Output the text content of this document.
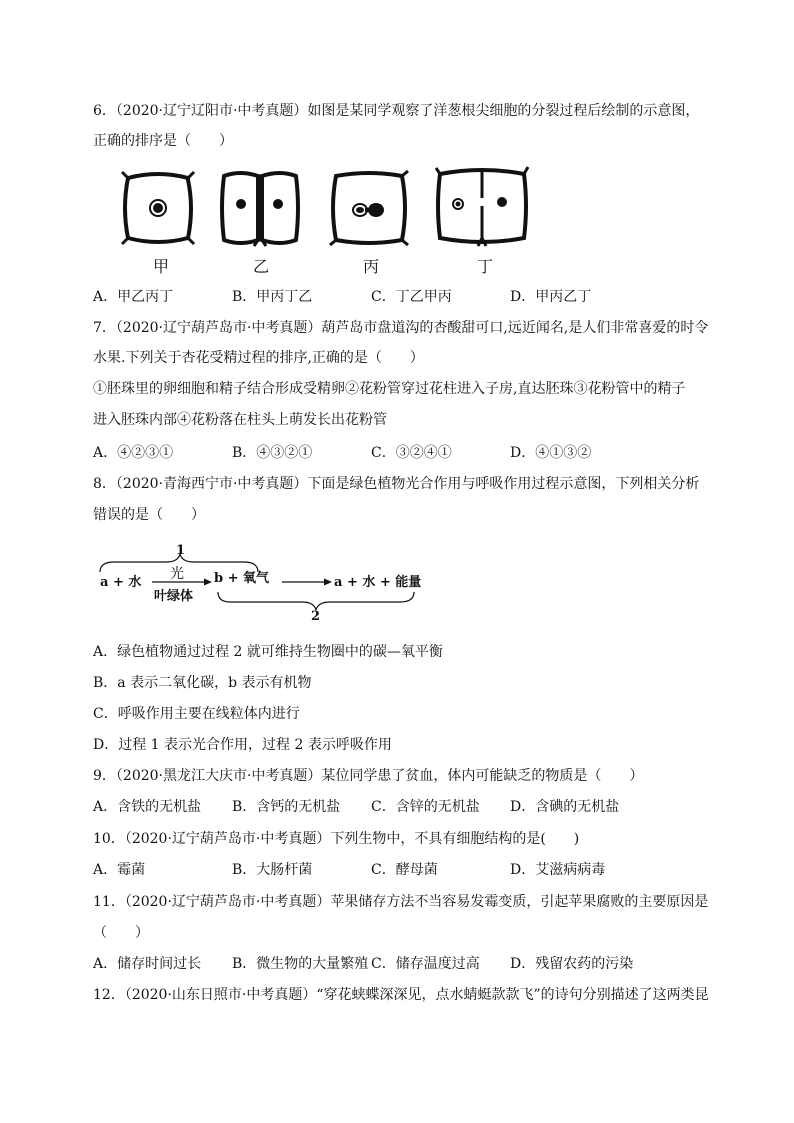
6．（2020·辽宁辽阳市·中考真题）如图是某同学观察了洋葱根尖细胞的分裂过程后绘制的示意图，
正确的排序是（　　）
甲	乙	丙	丁
A．甲乙丙丁	B．甲丙丁乙	C．丁乙甲丙	D．甲丙乙丁
7．（2020·辽宁葫芦岛市·中考真题）葫芦岛市盘道沟的杏酸甜可口,远近闻名,是人们非常喜爱的时令
水果.下列关于杏花受精过程的排序,正确的是（　　）
①胚珠里的卵细胞和精子结合形成受精卵②花粉管穿过花柱进入子房,直达胚珠③花粉管中的精子
进入胚珠内部④花粉落在柱头上萌发长出花粉管
A．④②③①	B．④③②①	C．③②④①	D．④①③②
8．（2020·青海西宁市·中考真题）下面是绿色植物光合作用与呼吸作用过程示意图，下列相关分析
错误的是（　　）
1
光
a + 水
叶绿体
b + 氧气	a + 水 + 能量
2
A．绿色植物通过过程 2 就可维持生物圈中的碳—氧平衡
B．a 表示二氧化碳，b 表示有机物
C．呼吸作用主要在线粒体内进行
D．过程 1 表示光合作用，过程 2 表示呼吸作用
9．（2020·黑龙江大庆市·中考真题）某位同学患了贫血，体内可能缺乏的物质是（　　）
A．含铁的无机盐 B．含钙的无机盐 C．含锌的无机盐 D．含碘的无机盐
10．（2020·辽宁葫芦岛市·中考真题）下列生物中，不具有细胞结构的是(　　)
A．霉菌	B．大肠杆菌	C．酵母菌	D．艾滋病病毒
11．（2020·辽宁葫芦岛市·中考真题）苹果储存方法不当容易发霉变质，引起苹果腐败的主要原因是
（　　）
A．储存时间过长 B．微生物的大量繁殖 C．储存温度过高 D．残留农药的污染
12．（2020·山东日照市·中考真题）“穿花蛱蝶深深见，点水蜻蜓款款飞”的诗句分别描述了这两类昆
